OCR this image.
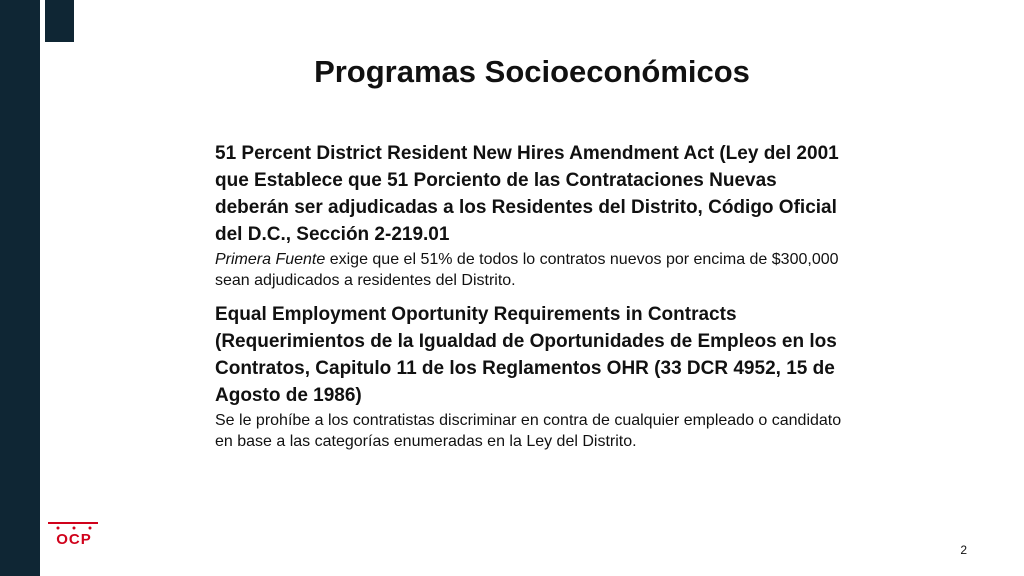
OCP
Programas Socioeconómicos
51 Percent District Resident New Hires Amendment Act (Ley del 2001 que Establece que 51 Porciento de las Contrataciones Nuevas deberán ser adjudicadas a los Residentes del Distrito, Código Oficial del D.C., Sección 2-219.01
Primera Fuente exige que el 51% de todos lo contratos nuevos por encima de $300,000 sean adjudicados a residentes del Distrito.
Equal Employment Oportunity Requirements in Contracts (Requerimientos de la Igualdad de Oportunidades de Empleos en los Contratos, Capitulo 11 de los Reglamentos OHR (33 DCR 4952, 15 de Agosto de 1986)
Se le prohíbe a los contratistas discriminar en contra de cualquier empleado o candidato en base a las categorías enumeradas en la Ley del Distrito.
2
